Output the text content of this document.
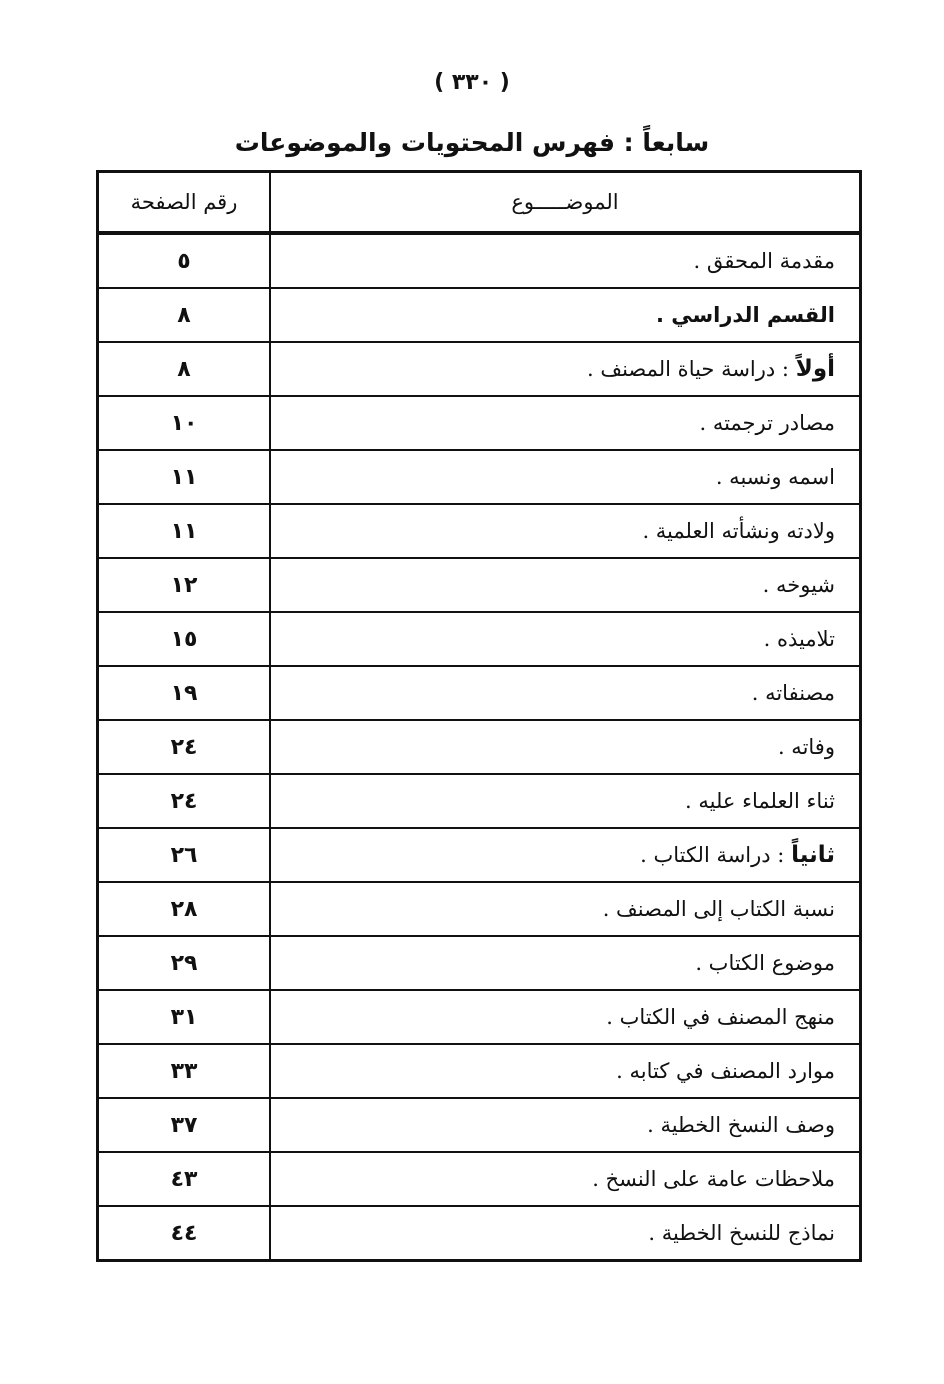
( ٣٣٠ )
سابعاً : فهرس المحتويات والموضوعات
الموضـــــوع	رقم الصفحة
مقدمة المحقق .	٥
القسم الدراسي .	٨
أولاً : دراسة حياة المصنف .	٨
مصادر ترجمته .	١٠
اسمه ونسبه .	١١
ولادته ونشأته العلمية .	١١
شيوخه .	١٢
تلاميذه .	١٥
مصنفاته .	١٩
وفاته .	٢٤
ثناء العلماء عليه .	٢٤
ثانياً : دراسة الكتاب .	٢٦
نسبة الكتاب إلى المصنف .	٢٨
موضوع الكتاب .	٢٩
منهج المصنف في الكتاب .	٣١
موارد المصنف في كتابه .	٣٣
وصف النسخ الخطية .	٣٧
ملاحظات عامة على النسخ .	٤٣
نماذج للنسخ الخطية .	٤٤
